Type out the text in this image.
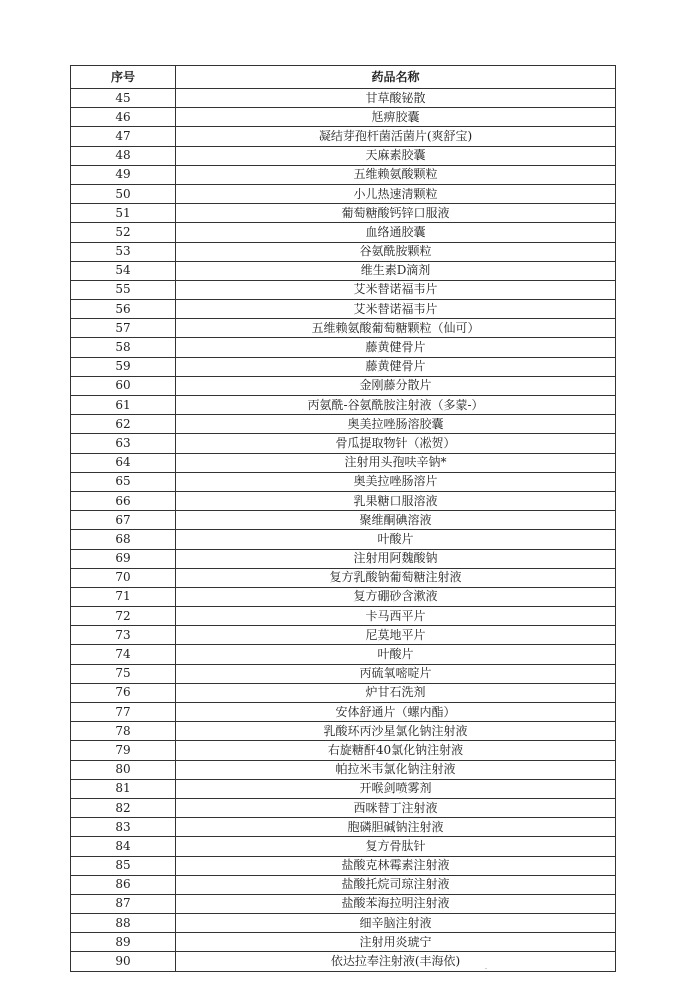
序号	药品名称
45	甘草酸铋散
46	尪痹胶囊
47	凝结芽孢杆菌活菌片(爽舒宝)
48	天麻素胶囊
49	五维赖氨酸颗粒
50	小儿热速清颗粒
51	葡萄糖酸钙锌口服液
52	血络通胶囊
53	谷氨酰胺颗粒
54	维生素D滴剂
55	艾米替诺福韦片
56	艾米替诺福韦片
57	五维赖氨酸葡萄糖颗粒（仙可）
58	藤黄健骨片
59	藤黄健骨片
60	金刚藤分散片
61	丙氨酰-谷氨酰胺注射液（多蒙-）
62	奥美拉唑肠溶胶囊
63	骨瓜提取物针（凇贺）
64	注射用头孢呋辛钠*
65	奥美拉唑肠溶片
66	乳果糖口服溶液
67	聚维酮碘溶液
68	叶酸片
69	注射用阿魏酸钠
70	复方乳酸钠葡萄糖注射液
71	复方硼砂含漱液
72	卡马西平片
73	尼莫地平片
74	叶酸片
75	丙硫氧嘧啶片
76	炉甘石洗剂
77	安体舒通片（螺内酯）
78	乳酸环丙沙星氯化钠注射液
79	右旋糖酐40氯化钠注射液
80	帕拉米韦氯化钠注射液
81	开喉剑喷雾剂
82	西咪替丁注射液
83	胞磷胆碱钠注射液
84	复方骨肽针
85	盐酸克林霉素注射液
86	盐酸托烷司琼注射液
87	盐酸苯海拉明注射液
88	细辛脑注射液
89	注射用炎琥宁
90	依达拉奉注射液(丰海依)
